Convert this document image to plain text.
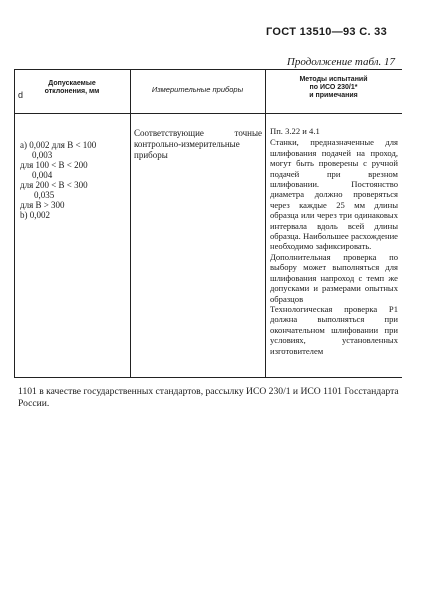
ГОСТ 13510—93 С. 33
Продолжение табл. 17
Допускаемые
отклонения, мм	Измерительные приборы
Методы испытаний
по ИСО 230/1*
и примечания
d
a) 0,002 для B < 100
0,003
для 100 < B < 200
0,004
для 200 < B < 300
0,035
для B > 300
b) 0,002
Соответствующие точные контрольно-измерительные приборы
Пп. 3.22 и 4.1
Станки, предназначенные для шлифования подачей на проход, могут быть проверены с ручной подачей при врезном шлифовании. Постоянство диаметра должно проверяться через каждые 25 мм длины образца или через три одинаковых интервала вдоль всей длины образца. Наибольшее расхождение необходимо зафиксировать.
Дополнительная проверка по выбору может выполняться для шлифования напроход с темп же допусками и размерами опытных образцов
Технологическая проверка Р1 должна выполняться при окончательном шлифовании при условиях, установленных изготовителем
1101 в качестве государственных стандартов, рассылку ИСО 230/1 и ИСО 1101 Госстандарта России.
